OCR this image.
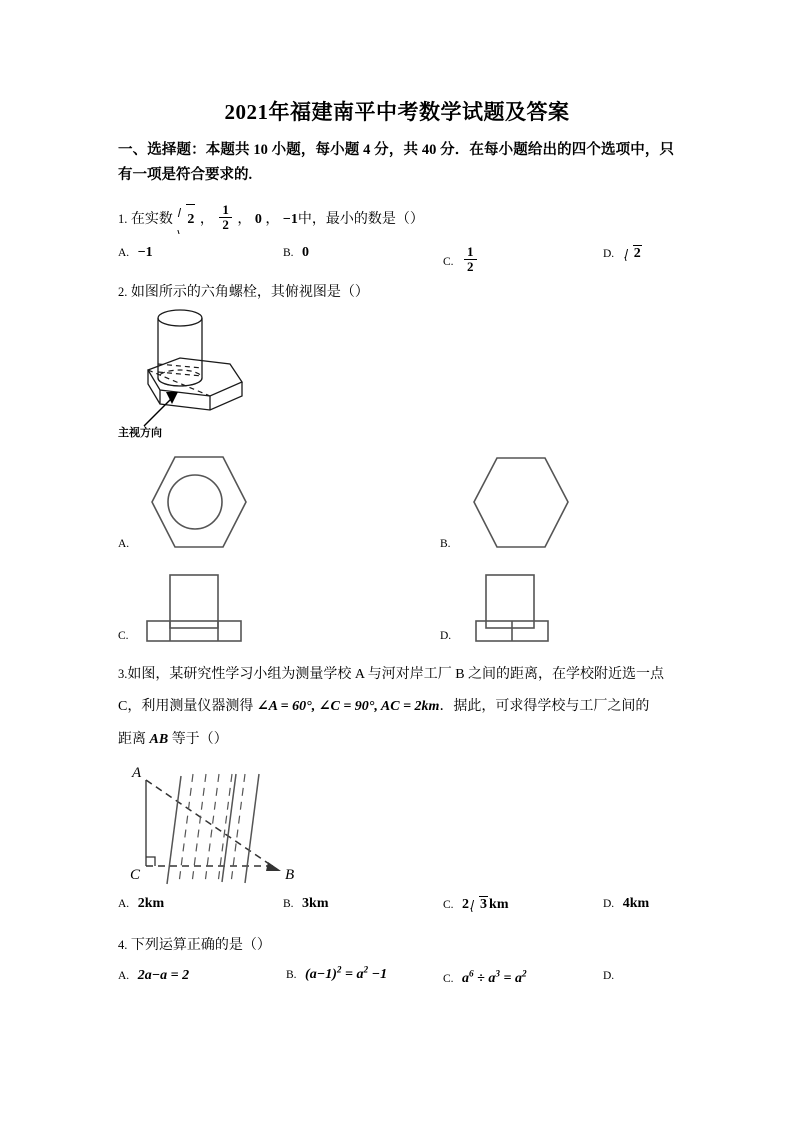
2021年福建南平中考数学试题及答案
一、选择题：本题共 10 小题，每小题 4 分，共 40 分．在每小题给出的四个选项中，只有一项是符合要求的.
1. 在实数 2 ， $\frac{1}{2}$ ， 0 ， −1中，最小的数是（）
A. −1	B. 0
C. $\frac{1}{2}$	D. 2
2. 如图所示的六角螺栓，其俯视图是（）
主视方向
A.	B.
C.	D.
3.如图，某研究性学习小组为测量学校 A 与河对岸工厂 B 之间的距离，在学校附近选一点
C，利用测量仪器测得 ∠A = 60°, ∠C = 90°, AC = 2km．据此，可求得学校与工厂之间的
距离 AB 等于（）
A
C	B
A. 2km	B. 3km	C. 2 3 km	D. 4km
4. 下列运算正确的是（）
A. 2a−a = 2	B. $(a-1)^2 = a^2 -1$	C. $a^6 \div a^3 = a^2$	D.
